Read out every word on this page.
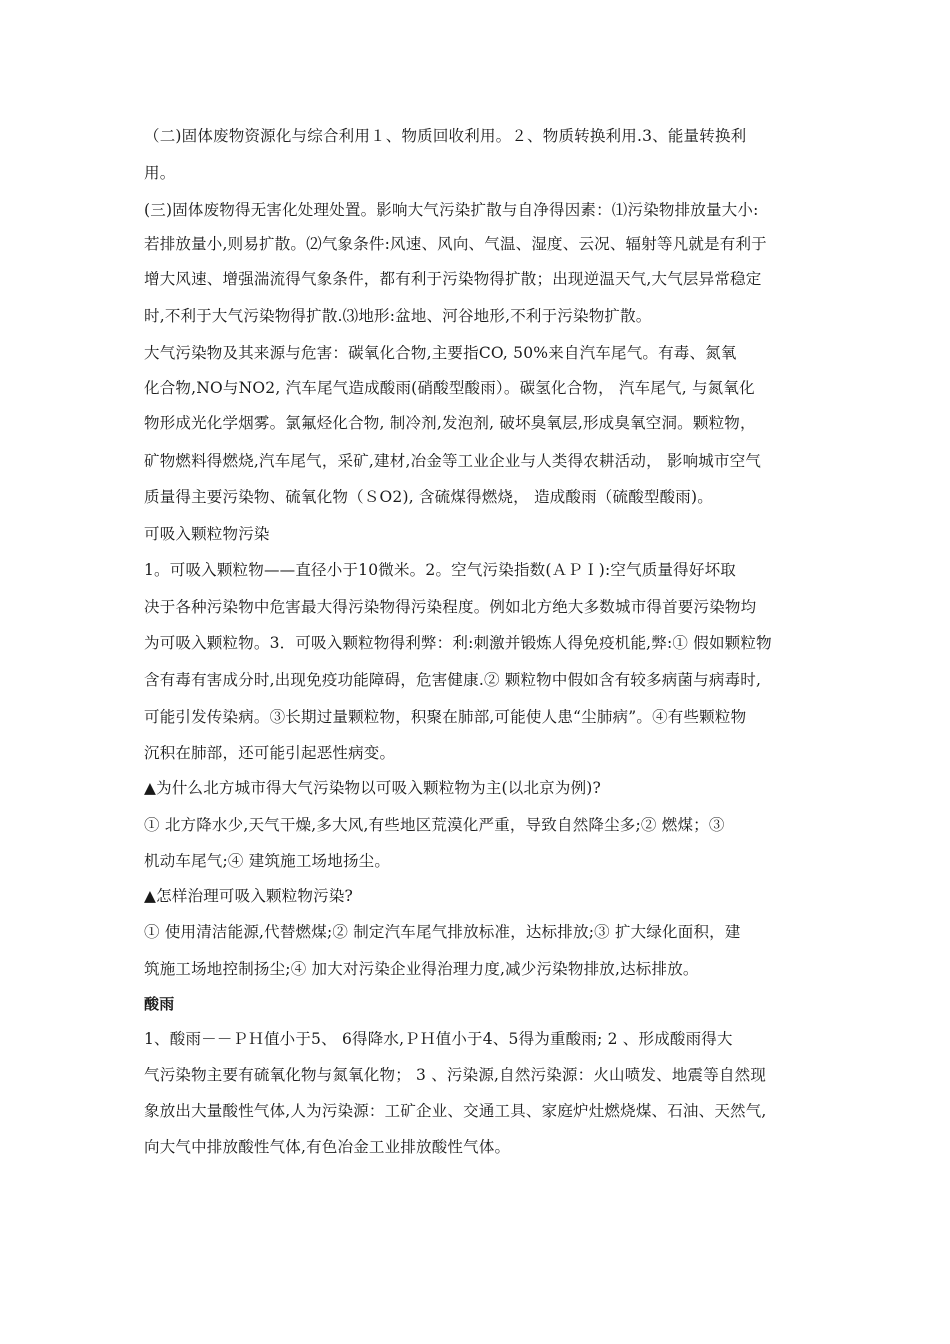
（二)固体废物资源化与综合利用１、物质回收利用。２、物质转换利用.3、能量转换利
用。
(三)固体废物得无害化处理处置。影响大气污染扩散与自净得因素：⑴污染物排放量大小:
若排放量小,则易扩散。⑵气象条件:风速、风向、气温、湿度、云况、辐射等凡就是有利于
增大风速、增强湍流得气象条件，都有利于污染物得扩散；出现逆温天气,大气层异常稳定
时,不利于大气污染物得扩散.⑶地形:盆地、河谷地形,不利于污染物扩散。
大气污染物及其来源与危害：碳氧化合物,主要指CO, 50%来自汽车尾气。有毒、氮氧
化合物,NO与NO2, 汽车尾气造成酸雨(硝酸型酸雨）。碳氢化合物， 汽车尾气, 与氮氧化
物形成光化学烟雾。氯氟烃化合物, 制冷剂,发泡剂, 破坏臭氧层,形成臭氧空洞。颗粒物，
矿物燃料得燃烧,汽车尾气，采矿,建材,冶金等工业企业与人类得农耕活动， 影响城市空气
质量得主要污染物、硫氧化物（ＳO2), 含硫煤得燃烧， 造成酸雨（硫酸型酸雨)。
可吸入颗粒物污染
1。可吸入颗粒物——直径小于10微米。2。空气污染指数(ＡＰＩ):空气质量得好坏取
决于各种污染物中危害最大得污染物得污染程度。例如北方绝大多数城市得首要污染物均
为可吸入颗粒物。3．可吸入颗粒物得利弊：利:刺激并锻炼人得免疫机能,弊:① 假如颗粒物
含有毒有害成分时,出现免疫功能障碍，危害健康.② 颗粒物中假如含有较多病菌与病毒时,
可能引发传染病。③长期过量颗粒物，积聚在肺部,可能使人患“尘肺病”。④有些颗粒物
沉积在肺部，还可能引起恶性病变。
▲为什么北方城市得大气污染物以可吸入颗粒物为主(以北京为例)?
① 北方降水少,天气干燥,多大风,有些地区荒漠化严重，导致自然降尘多;② 燃煤；③
机动车尾气;④ 建筑施工场地扬尘。
▲怎样治理可吸入颗粒物污染?
① 使用清洁能源,代替燃煤;② 制定汽车尾气排放标准，达标排放;③ 扩大绿化面积，建
筑施工场地控制扬尘;④ 加大对污染企业得治理力度,减少污染物排放,达标排放。
酸雨
1、酸雨－－ＰＨ值小于5、 6得降水,ＰＨ值小于4、5得为重酸雨; 2 、形成酸雨得大
气污染物主要有硫氧化物与氮氧化物； 3 、污染源,自然污染源：火山喷发、地震等自然现
象放出大量酸性气体,人为污染源：工矿企业、交通工具、家庭炉灶燃烧煤、石油、天然气,
向大气中排放酸性气体,有色冶金工业排放酸性气体。
